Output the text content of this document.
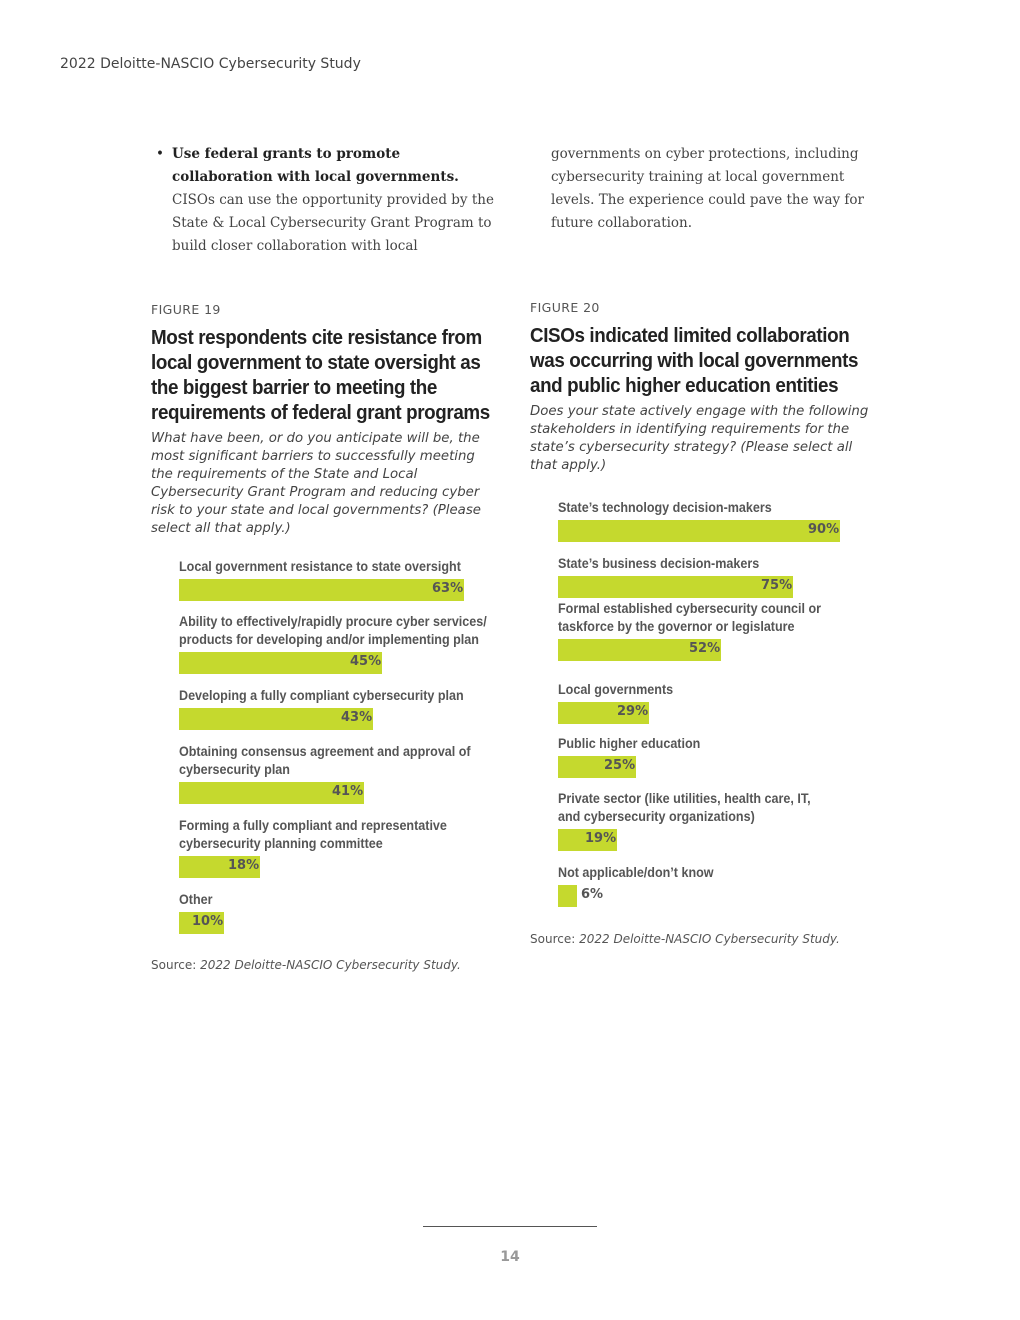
2022 Deloitte-NASCIO Cybersecurity Study
• Use federal grants to promote collaboration with local governments. CISOs can use the opportunity provided by the State & Local Cybersecurity Grant Program to build closer collaboration with local

governments on cyber protections, including cybersecurity training at local government levels. The experience could pave the way for future collaboration.

FIGURE 19
Most respondents cite resistance from
local government to state oversight as
the biggest barrier to meeting the
requirements of federal grant programs
What have been, or do you anticipate will be, the most significant barriers to successfully meeting the requirements of the State and Local Cybersecurity Grant Program and reducing cyber risk to your state and local governments? (Please select all that apply.)
Local government resistance to state oversight
63%
Ability to effectively/rapidly procure cyber services/
products for developing and/or implementing plan
45%
Developing a fully compliant cybersecurity plan
43%
Obtaining consensus agreement and approval of
cybersecurity plan
41%
Forming a fully compliant and representative
cybersecurity planning committee
18%
Other
10%
Source: 2022 Deloitte-NASCIO Cybersecurity Study.
FIGURE 20
CISOs indicated limited collaboration
was occurring with local governments
and public higher education entities
Does your state actively engage with the following stakeholders in identifying requirements for the state’s cybersecurity strategy? (Please select all that apply.)
State’s technology decision-makers
90%
State’s business decision-makers
75%
Formal established cybersecurity council or
taskforce by the governor or legislature
52%
Local governments
29%
Public higher education
25%
Private sector (like utilities, health care, IT,
and cybersecurity organizations)
19%
Not applicable/don’t know
6%
Source: 2022 Deloitte-NASCIO Cybersecurity Study.
14
